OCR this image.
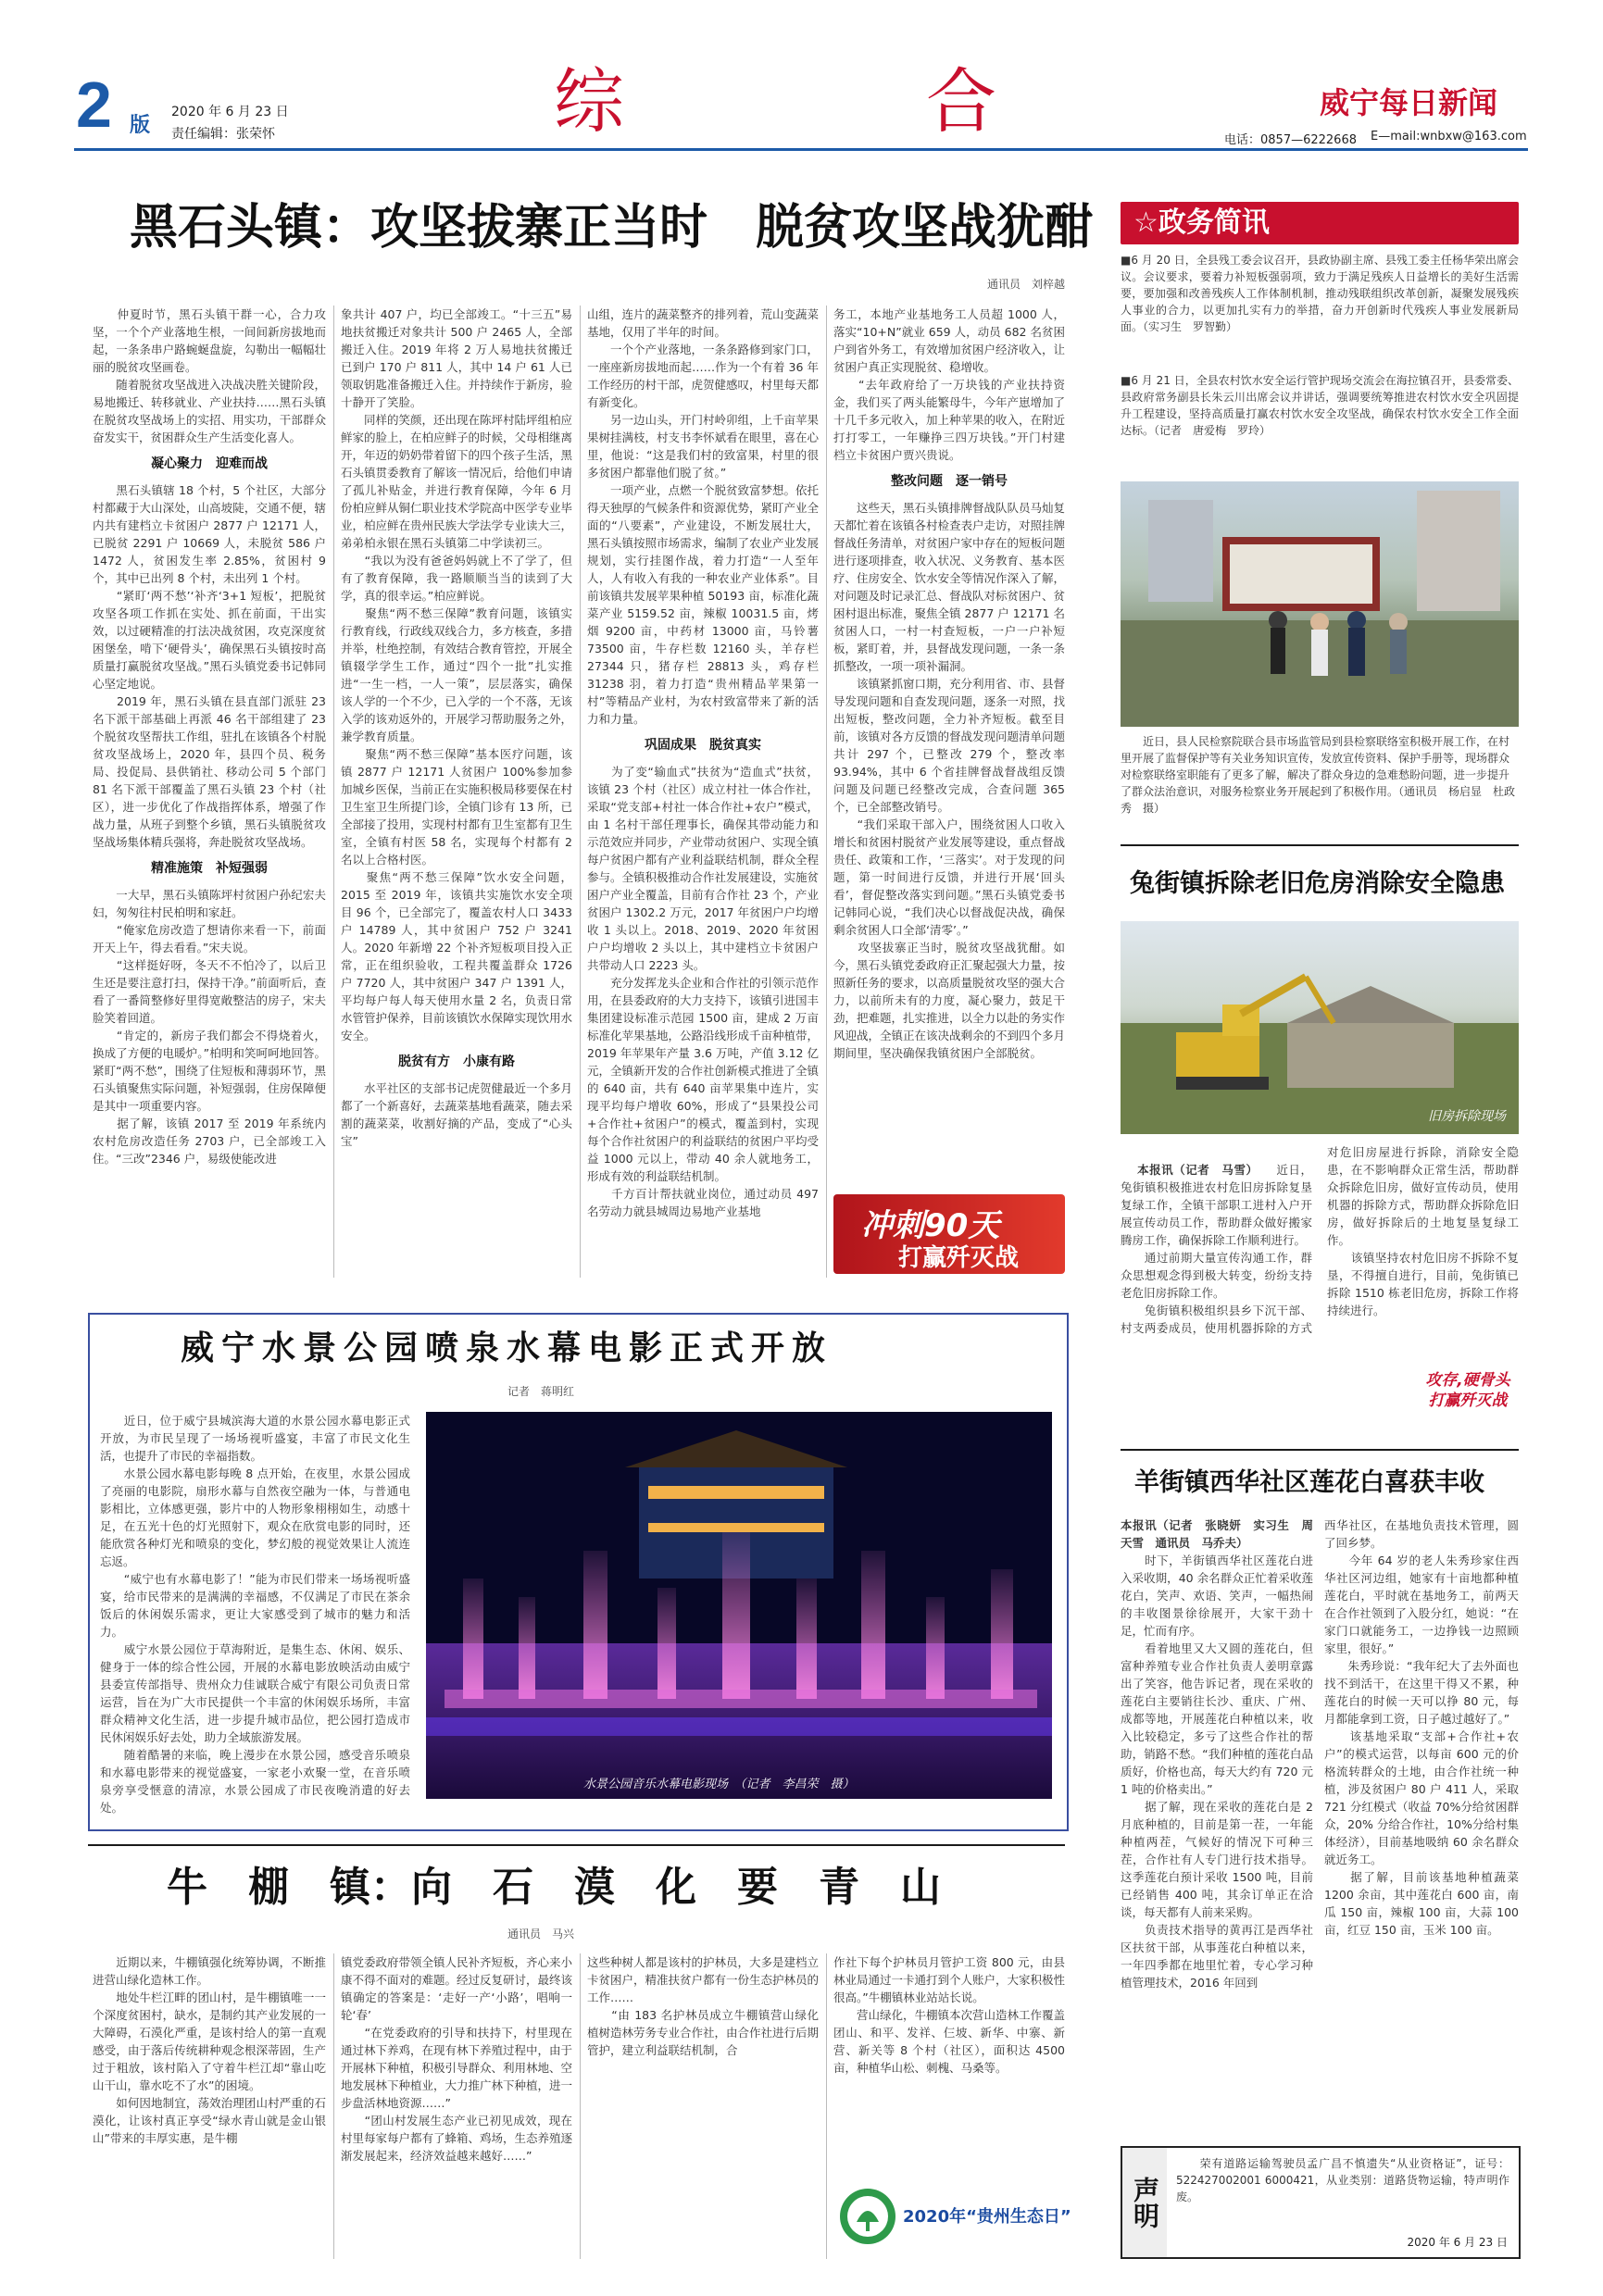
2 版
2020 年 6 月 23 日
责任编辑：张荣怀	综	合	威宁每日新闻
电话：0857—6222668 E—mail:wnbxw@163.com
黑石头镇：攻坚拔寨正当时　脱贫攻坚战犹酣
通讯员　刘梓越
　　仲夏时节，黑石头镇干群一心，合力攻坚，一个个产业落地生根，一间间新房拔地而起，一条条串户路蜿蜒盘旋，勾勒出一幅幅壮丽的脱贫攻坚画卷。
　　随着脱贫攻坚战进入决战决胜关键阶段，易地搬迁、转移就业、产业扶持……黑石头镇在脱贫攻坚战场上的实招、用实功，干部群众奋发实干，贫困群众生产生活变化喜人。
凝心聚力　迎难而战
　　黑石头镇辖 18 个村，5 个社区，大部分村都藏于大山深处，山高坡陡，交通不便，辖内共有建档立卡贫困户 2877 户 12171 人，已脱贫 2291 户 10669 人，未脱贫 586 户 1472 人，贫困发生率 2.85%，贫困村 9 个，其中已出列 8 个村，未出列 1 个村。
　　“紧盯‘两不愁’‘补齐‘3+1 短板’，把脱贫攻坚各项工作抓在实处、抓在前面，干出实效，以过硬精准的打法决战贫困，攻克深度贫困堡垒，啃下‘硬骨头’，确保黑石头镇按时高质量打赢脱贫攻坚战。”黑石头镇党委书记韩同心坚定地说。
　　2019 年，黑石头镇在县直部门派驻 23 名下派干部基础上再派 46 名干部组建了 23 个脱贫攻坚帮扶工作组，驻扎在该镇各个村脱贫攻坚战场上，2020 年，县四个员、税务局、投促局、县供销社、移动公司 5 个部门 81 名下派干部覆盖了黑石头镇 23 个村（社区），进一步优化了作战指挥体系，增强了作战力量，从班子到整个乡镇，黑石头镇脱贫攻坚战场集体精兵强将，奔赴脱贫攻坚战场。
精准施策　补短强弱
　　一大早，黑石头镇陈坪村贫困户孙纪宏夫妇，匆匆往村民柏明和家赶。
　　“俺家危房改造了想请你来看一下，前面开天上午，得去看看。”宋夫说。
　　“这样挺好呀，冬天不不怕冷了，以后卫生还是要注意打扫，保持干净。”前面听后，查看了一番简整修好里得宽敞整洁的房子，宋夫脸笑着回道。
　　“肯定的，新房子我们都会不得烧着火，换成了方便的电暖炉。”柏明和笑呵呵地回答。紧盯“两不愁”，围绕了住短板和薄弱环节，黑石头镇聚焦实际问题，补短强弱，住房保障便是其中一项重要内容。
　　据了解，该镇 2017 至 2019 年系统内农村危房改造任务 2703 户，已全部竣工入住。“三改”2346 户，易级使能改进
象共计 407 户，均已全部竣工。“十三五”易地扶贫搬迁对象共计 500 户 2465 人，全部搬迁入住。2019 年将 2 万人易地扶贫搬迁已到户 170 户 811 人，其中 14 户 61 人已领取钥匙准备搬迁入住。并持续作于新房，验十静开了笑脸。
　　同样的笑颜，还出现在陈坪村陆坪组柏应鲜家的脸上，在柏应鲜子的时候，父母相继离开，年迈的奶奶带着留下的四个孩子生活，黑石头镇贯委教育了解该一情况后，给他们申请了孤儿补贴金，并进行教育保障，今年 6 月份柏应鲜从铜仁职业技术学院高中医学专业毕业，柏应鲜在贵州民族大学法学专业读大三，弟弟柏永银在黑石头镇第二中学读初三。
　　“我以为没有爸爸妈妈就上不了学了，但有了教育保障，我一路顺顺当当的读到了大学，真的很幸运。”柏应鲜说。
　　聚焦“两不愁三保障”教育问题，该镇实行教育线，行政线双线合力，多方核查，多措并举，杜绝控制，有效结合教育管控，开展全镇辍学学生工作，通过“四个一批”扎实推进“一生一档，一人一策”，层层落实，确保该人学的一个不少，已入学的一个不落，无该入学的该劝返外的，开展学习帮助服务之外，兼学教育质量。
　　聚焦“两不愁三保障”基本医疗问题，该镇 2877 户 12171 人贫困户 100%参加参加城乡医保，当前正在实施积极局移要保在村卫生室卫生所提门诊，全镇门诊有 13 所，已全部接了投用，实现村村都有卫生室都有卫生室，全镇有村医 58 名，实现每个村都有 2 名以上合格村医。
　　聚焦“两不愁三保障”饮水安全问题，2015 至 2019 年，该镇共实施饮水安全项目 96 个，已全部完了，覆盖农村人口 3433 户 14789 人，其中贫困户 752 户 3241 人。2020 年新增 22 个补齐短板项目投入正常，正在组织验收，工程共覆盖群众 1726 户 7720 人，其中贫困户 347 户 1391 人，平均每户每人每天使用水量 2 名，负责日常水管管护保养，目前该镇饮水保障实现饮用水安全。
脱贫有方　小康有路
　　水平社区的支部书记虎贺健最近一个多月都了一个新喜好，去蔬菜基地看蔬菜，随去采割的蔬菜菜，收割好摘的产品，变成了“心头宝”
山组，连片的蔬菜整齐的排列着，荒山变蔬菜基地，仅用了半年的时间。
　　一个个产业落地，一条条路修到家门口，一座座新房拔地而起……作为一个有着 36 年工作经历的村干部，虎贺健感叹，村里每天都有新变化。
　　另一边山头，开门村岭卯组，上千亩苹果果树挂满枝，村支书李怀斌看在眼里，喜在心里，他说：“这是我们村的致富果，村里的很多贫困户都靠他们脱了贫。”
　　一项产业，点燃一个脱贫致富梦想。依托得天独厚的气候条件和资源优势，紧盯产业全面的“八要素”，产业建设，不断发展壮大，黑石头镇按照市场需求，编制了农业产业发展规划，实行挂图作战，着力打造“一人至年人，人有收入有我的一种农业产业体系”。目前该镇共发展苹果种植 50193 亩，标准化蔬菜产业 5159.52 亩，辣椒 10031.5 亩，烤烟 9200 亩，中药材 13000 亩，马铃薯 73500 亩，牛存栏数 12160 头，羊存栏 27344 只，猪存栏 28813 头，鸡存栏 31238 羽，着力打造“贵州精品苹果第一村”等精品产业村，为农村致富带来了新的活力和力量。
巩固成果　脱贫真实
　　为了变“输血式”扶贫为“造血式”扶贫，该镇 23 个村（社区）成立村社一体合作社，采取“党支部+村社一体合作社+农户”模式，由 1 名村干部任理事长，确保其带动能力和示范效应并同步，产业带动贫困户、实现全镇每户贫困户都有产业利益联结机制，群众全程参与。全镇积极推动合作社发展建设，实施贫困户产业全覆盖，目前有合作社 23 个，产业贫困户 1302.2 万元，2017 年贫困户户均增收 1 头以上。2018、2019、2020 年贫困户户均增收 2 头以上，其中建档立卡贫困户共带动人口 2223 头。
　　充分发挥龙头企业和合作社的引领示范作用，在县委政府的大力支持下，该镇引进国丰集团建设标准示范园 1500 亩，建成 2 万亩标准化苹果基地，公路沿线形成千亩种植带，2019 年苹果年产量 3.6 万吨，产值 3.12 亿元，全镇新开发的合作社创新模式推进了全镇的 640 亩，共有 640 亩苹果集中连片，实现平均每户增收 60%，形成了“县果投公司+合作社+贫困户”的模式，覆盖到村，实现每个合作社贫困户的利益联结的贫困户平均受益 1000 元以上，带动 40 余人就地务工，形成有效的利益联结机制。
　　千方百计帮扶就业岗位，通过动员 497 名劳动力就县城周边易地产业基地
务工，本地产业基地务工人员超 1000 人，落实“10+N”就业 659 人，动员 682 名贫困户到省外务工，有效增加贫困户经济收入，让贫困户真正实现脱贫、稳增收。
　　“去年政府给了一万块钱的产业扶持资金，我们买了两头能繁母牛，今年产崽增加了十几千多元收入，加上种苹果的收入，在附近打打零工，一年赚挣三四万块钱。”开门村建档立卡贫困户贾兴贵说。
整改问题　逐一销号
　　这些天，黑石头镇排牌督战队队员马灿复天都忙着在该镇各村检查表户走访，对照挂牌督战任务清单，对贫困户家中存在的短板问题进行逐项排查，收入状况、义务教育、基本医疗、住房安全、饮水安全等情况作深入了解，对问题及时记录汇总、督战队对标贫困户、贫困村退出标准，聚焦全镇 2877 户 12171 名贫困人口，一村一村查短板，一户一户补短板，紧盯着，并，县督战发现问题，一条一条抓整改，一项一项补漏洞。
　　该镇紧抓窗口期，充分利用省、市、县督导发现问题和自查发现问题，逐条一对照，找出短板，整改问题，全力补齐短板。截至目前，该镇对各方反馈的督战发现问题清单问题共计 297 个，已整改 279 个，整改率 93.94%，其中 6 个省挂牌督战督战组反馈问题及问题已经整改完成，合查问题 365 个，已全部整改销号。
　　“我们采取干部入户，围绕贫困人口收入增长和贫困村脱贫产业发展等建设，重点督战贵任、政策和工作，‘三落实’。对于发现的问题，第一时间进行反馈，并进行开展‘回头看’，督促整改落实到问题。”黑石头镇党委书记韩同心说，“我们决心以督战促决战，确保剩余贫困人口全部‘清零’。”
　　攻坚拔寨正当时，脱贫攻坚战犹酣。如今，黑石头镇党委政府正汇聚起强大力量，按照新任务的要求，以高质量脱贫攻坚的强大合力，以前所未有的力度，凝心聚力，鼓足干劲，把难题，扎实推进，以全力以赴的务实作风迎战，全镇正在该决战剩余的不到四个多月期间里，坚决确保我镇贫困户全部脱贫。
冲刺90天
打赢歼灭战
☆政务简讯
■6 月 20 日，全县残工委会议召开，县政协副主席、县残工委主任杨华荣出席会议。会议要求，要着力补短板强弱项，致力于满足残疾人日益增长的美好生活需要，要加强和改善残疾人工作体制机制，推动残联组织改革创新，凝聚发展残疾人事业的合力，以更加扎实有力的举措，奋力开创新时代残疾人事业发展新局面。（实习生　罗智勤）
■6 月 21 日，全县农村饮水安全运行管护现场交流会在海拉镇召开，县委常委、县政府常务副县长朱云川出席会议并讲话，强调要统筹推进农村饮水安全巩固提升工程建设，坚持高质量打赢农村饮水安全攻坚战，确保农村饮水安全工作全面达标。（记者　唐爱梅　罗玲）
　　近日，县人民检察院联合县市场监管局到县检察联络室积极开展工作，在村里开展了监督保护等有关业务知识宣传，发放宣传资料、保护手册等，现场群众对检察联络室职能有了更多了解，解决了群众身边的急难愁盼问题，进一步提升了群众法治意识，对服务检察业务开展起到了积极作用。（通讯员　杨启显　杜政秀　摄）
兔街镇拆除老旧危房消除安全隐患
旧房拆除现场

本报讯（记者　马雪）　　近日，兔街镇积极推进农村危旧房拆除复垦复绿工作，全镇干部职工进村入户开展宣传动员工作，帮助群众做好搬家腾房工作，确保拆除工作顺利进行。
　　通过前期大量宣传沟通工作，群众思想观念得到极大转变，纷纷支持老危旧房拆除工作。
　　兔街镇积极组织县乡下沉干部、村支两委成员，使用机器拆除的方式对危旧房屋进行拆除，消除安全隐患，在不影响群众正常生活，帮助群众拆除危旧房，做好宣传动员，使用机器的拆除方式，帮助群众拆除危旧房，做好拆除后的土地复垦复绿工作。
　　该镇坚持农村危旧房不拆除不复垦，不得擅自进行，目前，兔街镇已拆除 1510 栋老旧危房，拆除工作将持续进行。

攻存,硬骨头
打赢歼灭战
羊街镇西华社区莲花白喜获丰收
本报讯（记者　张晓妍　实习生　周天雪　通讯员　马乔夫）
　　时下，羊街镇西华社区莲花白进入采收期，40 余名群众正忙着采收莲花白，笑声、欢语、笑声，一幅热闹的丰收图景徐徐展开，大家干劲十足，忙而有序。
　　看着地里又大又圆的莲花白，但富种养殖专业合作社负责人姜明章露出了笑容，他告诉记者，现在采收的莲花白主要销往长沙、重庆、广州、成都等地，开展莲花白种植以来，收入比较稳定，多亏了这些合作社的帮助，销路不愁。“我们种植的莲花白品质好，价格也高，每天大约有 720 元 1 吨的价格卖出。”
　　据了解，现在采收的莲花白是 2 月底种植的，目前是第一茬，一年能种植两茬，气候好的情况下可种三茬，合作社有人专门进行技术指导。这季莲花白预计采收 1500 吨，目前已经销售 400 吨，其余订单正在洽谈，每天都有人前来采购。
　　负责技术指导的黄再江是西华社区扶贫干部，从事莲花白种植以来，一年四季都在地里忙着，专心学习种植管理技术，2016 年回到
西华社区，在基地负责技术管理，圆了回乡梦。
　　今年 64 岁的老人朱秀珍家住西华社区河边组，她家有十亩地都种植莲花白，平时就在基地务工，前两天在合作社领到了入股分红，她说：“在家门口就能务工，一边挣钱一边照顾家里，很好。”
　　朱秀珍说：“我年纪大了去外面也找不到活干，在这里干得又不累，种莲花白的时候一天可以挣 80 元，每月都能拿到工资，日子越过越好了。”
　　该基地采取“支部+合作社+农户”的模式运营，以每亩 600 元的价格流转群众的土地，由合作社统一种植，涉及贫困户 80 户 411 人，采取 721 分红模式（收益 70%分给贫困群众，20% 分给合作社，10%分给村集体经济），目前基地吸纳 60 余名群众就近务工。
　　据了解，目前该基地种植蔬菜 1200 余亩，其中莲花白 600 亩，南瓜 150 亩，辣椒 100 亩，大蒜 100 亩，红豆 150 亩，玉米 100 亩。
威宁水景公园喷泉水幕电影正式开放
记者　蒋明红
　　近日，位于威宁县城滨海大道的水景公园水幕电影正式开放，为市民呈现了一场场视听盛宴，丰富了市民文化生活，也提升了市民的幸福指数。
　　水景公园水幕电影每晚 8 点开始，在夜里，水景公园成了亮丽的电影院，扇形水幕与自然夜空融为一体，与普通电影相比，立体感更强，影片中的人物形象栩栩如生，动感十足，在五光十色的灯光照射下，观众在欣赏电影的同时，还能欣赏各种灯光和喷泉的变化，梦幻般的视觉效果让人流连忘返。
　　“威宁也有水幕电影了！”能为市民们带来一场场视听盛宴，给市民带来的是满满的幸福感，不仅满足了市民在茶余饭后的休闲娱乐需求，更让大家感受到了城市的魅力和活力。
　　威宁水景公园位于草海附近，是集生态、休闲、娱乐、健身于一体的综合性公园，开展的水幕电影放映活动由威宁县委宣传部指导、贵州众力佳诚联合威宁有限公司负责日常运营，旨在为广大市民提供一个丰富的休闲娱乐场所，丰富群众精神文化生活，进一步提升城市品位，把公园打造成市民休闲娱乐好去处，助力全域旅游发展。
　　随着酷暑的来临，晚上漫步在水景公园，感受音乐喷泉和水幕电影带来的视觉盛宴，一家老小欢聚一堂，在音乐喷泉旁享受惬意的清凉，水景公园成了市民夜晚消遣的好去处。
水景公园音乐水幕电影现场　（记者　李昌荣　摄）
牛　棚　镇：向　石　漠　化　要　青　山
通讯员　马兴
　　近期以来，牛棚镇强化统筹协调，不断推进营山绿化造林工作。
　　地处牛栏江畔的团山村，是牛棚镇唯一一个深度贫困村，缺水，是制约其产业发展的一大障碍，石漠化严重，是该村给人的第一直观感受，由于落后传统耕种观念根深蒂固，生产过于粗放，该村陷入了守着牛栏江却“靠山吃山干山，靠水吃不了水”的困境。
　　如何因地制宜，荡效治理团山村严重的石漠化，让该村真正享受“绿水青山就是金山银山”带来的丰厚实惠，是牛棚
镇党委政府带领全镇人民补齐短板，齐心来小康不得不面对的难题。经过反复研讨，最终该镇确定的答案是：‘走好一产‘小路’，唱响一轮‘春’
　　“在党委政府的引导和扶持下，村里现在通过林下养鸡，在现有林下养殖过程中，由于开展林下种植，积极引导群众、利用林地、空地发展林下种植业，大力推广林下种植，进一步盘活林地资源……”
　　“团山村发展生态产业已初见成效，现在村里每家每户都有了蜂箱、鸡场，生态养殖逐渐发展起来，经济效益越来越好……”
这些种树人都是该村的护林员，大多是建档立卡贫困户，精准扶贫户都有一份生态护林员的工作……
　　“由 183 名护林员成立牛棚镇营山绿化植树造林劳务专业合作社，由合作社进行后期管护，建立利益联结机制，合
作社下每个护林员月管护工资 800 元，由县林业局通过一卡通打到个人账户，大家积极性很高。”牛棚镇林业站站长说。
　　营山绿化，牛棚镇本次营山造林工作覆盖团山、和平、发祥、仨坡、新华、中寨、新营、新关等 8 个村（社区），面积达 4500 亩，种植华山松、刺槐、马桑等。
2020年“贵州生态日” 声明
　　荣有道路运输驾驶员孟广昌不慎遗失“从业资格证”，证号：522427002001 6000421，从业类别：道路货物运输，特声明作废。
2020 年 6 月 23 日
